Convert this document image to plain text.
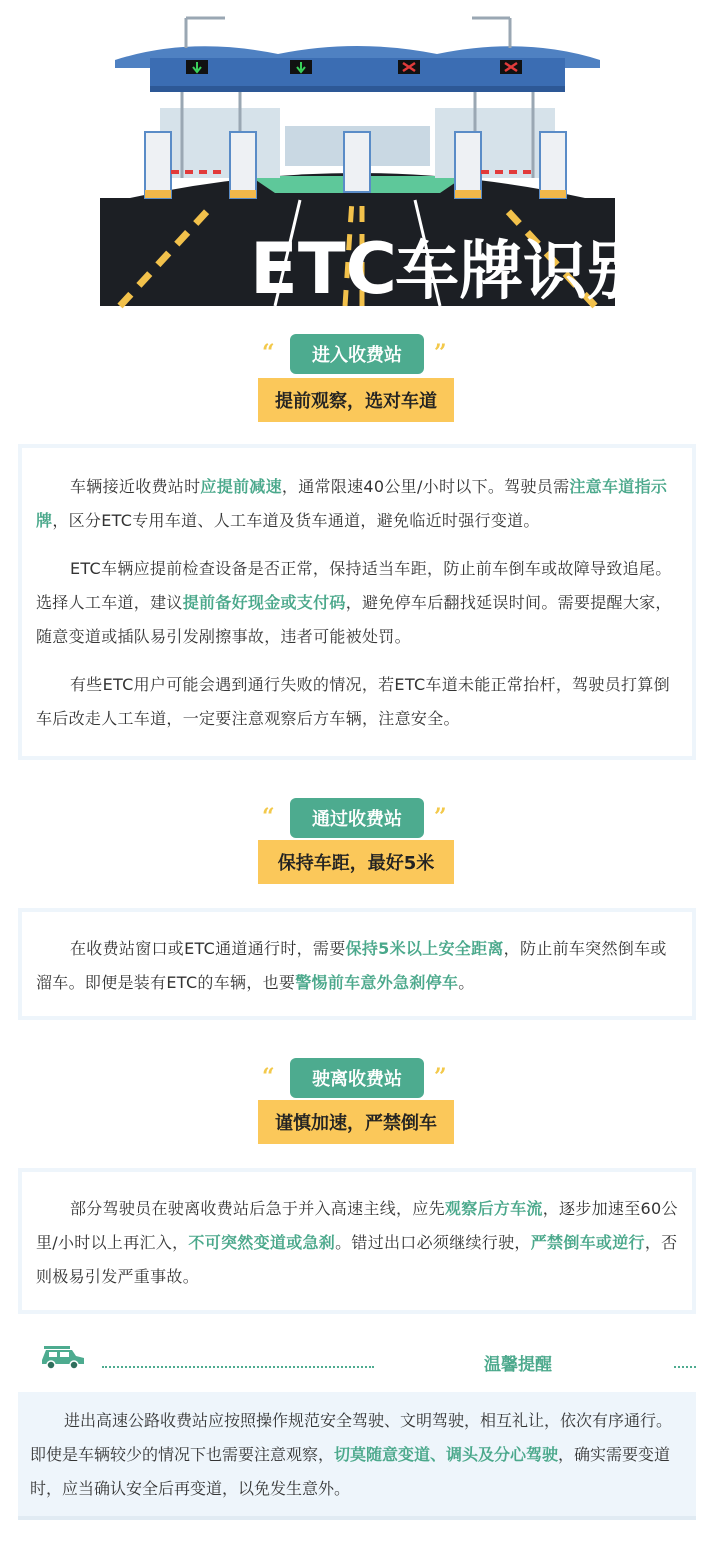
ETC
车牌识别
“	进入收费站	”
提前观察，选对车道

车辆接近收费站时应提前减速，通常限速40公里/小时以下。驾驶员需注意车道指示牌，区分ETC专用车道、人工车道及货车通道，避免临近时强行变道。

ETC车辆应提前检查设备是否正常，保持适当车距，防止前车倒车或故障导致追尾。选择人工车道，建议提前备好现金或支付码，避免停车后翻找延误时间。需要提醒大家，随意变道或插队易引发剐擦事故，违者可能被处罚。

有些ETC用户可能会遇到通行失败的情况，若ETC车道未能正常抬杆，驾驶员打算倒车后改走人工车道，一定要注意观察后方车辆，注意安全。

“	通过收费站	”
保持车距，最好5米

在收费站窗口或ETC通道通行时，需要保持5米以上安全距离，防止前车突然倒车或溜车。即便是装有ETC的车辆，也要警惕前车意外急刹停车。

“	驶离收费站	”
谨慎加速，严禁倒车

部分驾驶员在驶离收费站后急于并入高速主线，应先观察后方车流，逐步加速至60公里/小时以上再汇入，不可突然变道或急刹。错过出口必须继续行驶，严禁倒车或逆行，否则极易引发严重事故。

温馨提醒

进出高速公路收费站应按照操作规范安全驾驶、文明驾驶，相互礼让，依次有序通行。即使是车辆较少的情况下也需要注意观察，切莫随意变道、调头及分心驾驶，确实需要变道时，应当确认安全后再变道，以免发生意外。
